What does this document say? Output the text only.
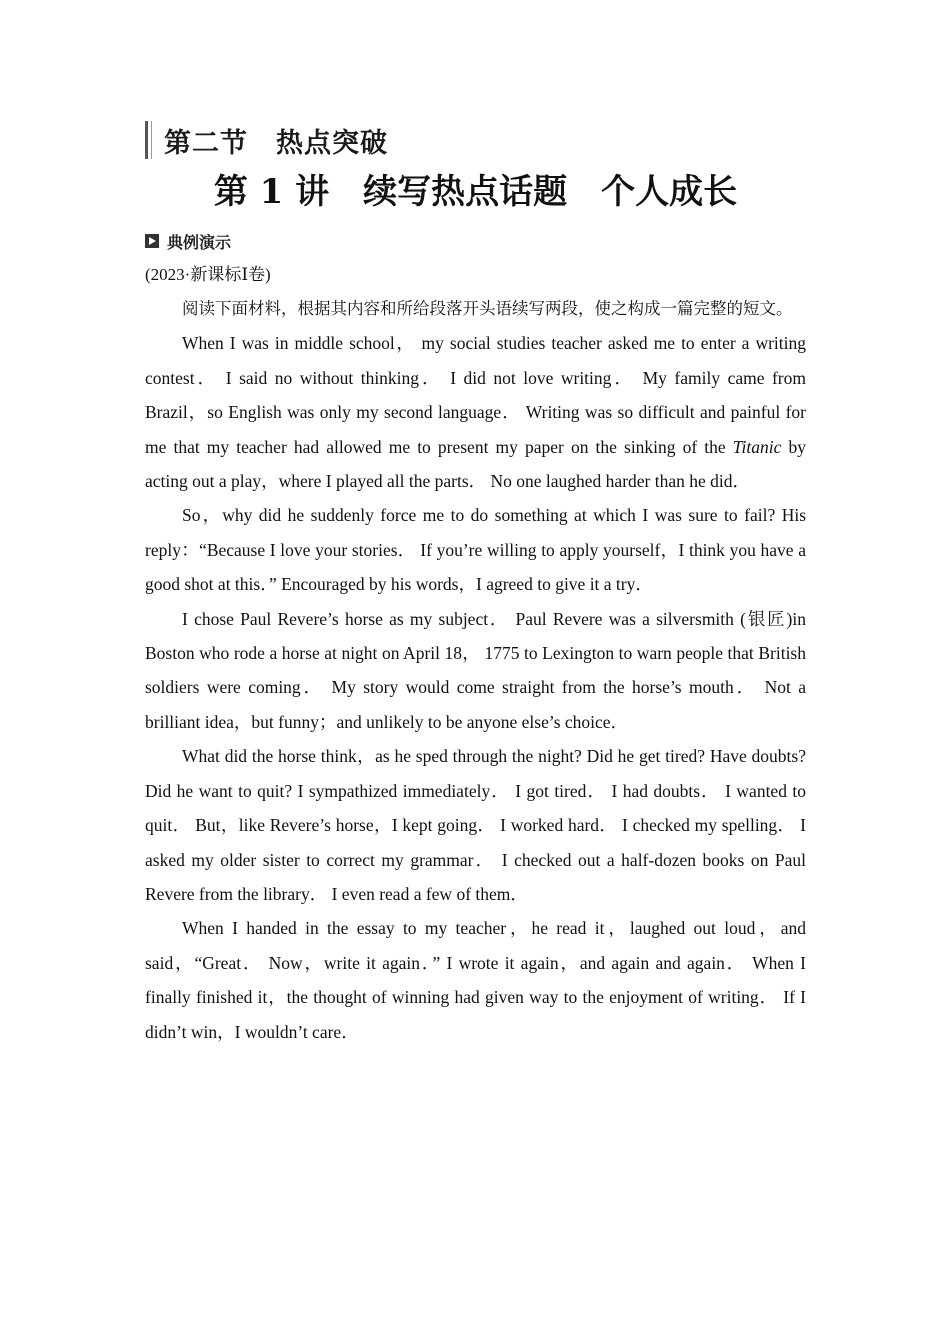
第二节　热点突破
第 1 讲　续写热点话题　个人成长
典例演示
(2023·新课标Ⅰ卷)

阅读下面材料，根据其内容和所给段落开头语续写两段，使之构成一篇完整的短文。

When I was in middle school， my social studies teacher asked me to enter a writing contest． I said no without thinking． I did not love writing． My family came from Brazil，so English was only my second language． Writing was so difficult and painful for me that my teacher had allowed me to present my paper on the sinking of the Titanic by acting out a play，where I played all the parts． No one laughed harder than he did．

So，why did he suddenly force me to do something at which I was sure to fail? His reply：“Because I love your stories． If you’re willing to apply yourself，I think you have a good shot at this．” Encouraged by his words，I agreed to give it a try．

I chose Paul Revere’s horse as my subject． Paul Revere was a silversmith (银匠)in Boston who rode a horse at night on April 18， 1775 to Lexington to warn people that British soldiers were coming． My story would come straight from the horse’s mouth． Not a brilliant idea，but funny；and unlikely to be anyone else’s choice．

What did the horse think，as he sped through the night? Did he get tired? Have doubts? Did he want to quit? I sympathized immediately． I got tired． I had doubts． I wanted to quit． But，like Revere’s horse，I kept going． I worked hard． I checked my spelling． I asked my older sister to correct my grammar． I checked out a half-dozen books on Paul Revere from the library． I even read a few of them．

When I handed in the essay to my teacher，he read it，laughed out loud，and said，“Great． Now，write it again．” I wrote it again，and again and again． When I finally finished it，the thought of winning had given way to the enjoyment of writing． If I didn’t win，I wouldn’t care．
